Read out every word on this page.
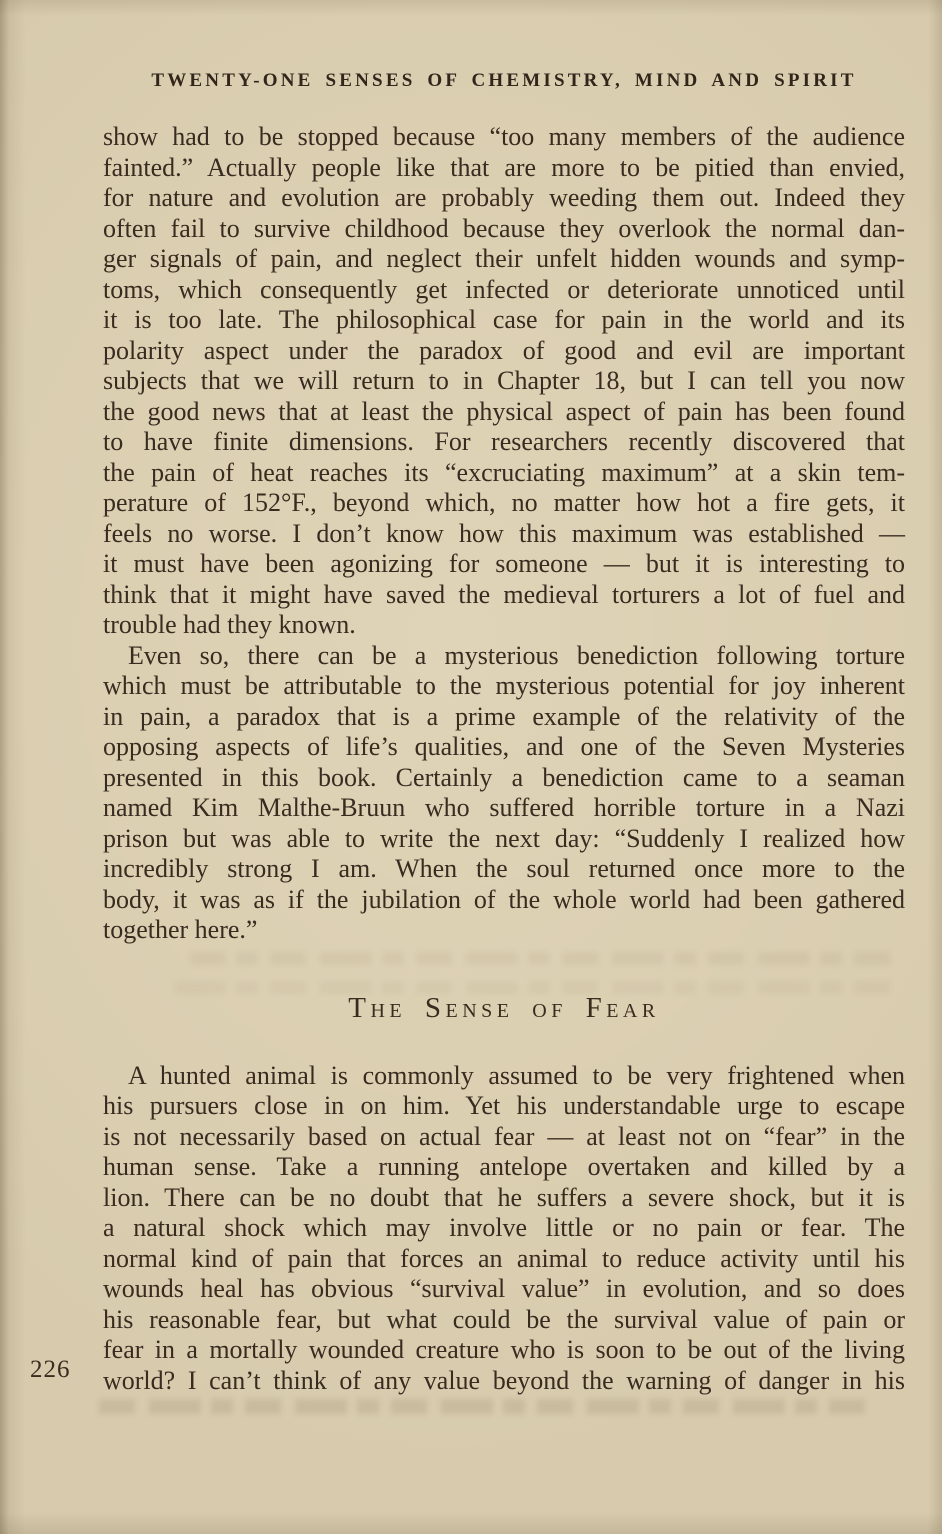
TWENTY-ONE SENSES OF CHEMISTRY, MIND AND SPIRIT
show had to be stopped because “too many members of the audience
fainted.” Actually people like that are more to be pitied than envied,
for nature and evolution are probably weeding them out. Indeed they
often fail to survive childhood because they overlook the normal dan-
ger signals of pain, and neglect their unfelt hidden wounds and symp-
toms, which consequently get infected or deteriorate unnoticed until
it is too late. The philosophical case for pain in the world and its
polarity aspect under the paradox of good and evil are important
subjects that we will return to in Chapter 18, but I can tell you now
the good news that at least the physical aspect of pain has been found
to have finite dimensions. For researchers recently discovered that
the pain of heat reaches its “excruciating maximum” at a skin tem-
perature of 152°F., beyond which, no matter how hot a fire gets, it
feels no worse. I don’t know how this maximum was established —
it must have been agonizing for someone — but it is interesting to
think that it might have saved the medieval torturers a lot of fuel and
trouble had they known.
Even so, there can be a mysterious benediction following torture
which must be attributable to the mysterious potential for joy inherent
in pain, a paradox that is a prime example of the relativity of the
opposing aspects of life’s qualities, and one of the Seven Mysteries
presented in this book. Certainly a benediction came to a seaman
named Kim Malthe-Bruun who suffered horrible torture in a Nazi
prison but was able to write the next day: “Suddenly I realized how
incredibly strong I am. When the soul returned once more to the
body, it was as if the jubilation of the whole world had been gathered
together here.”
The Sense of Fear
A hunted animal is commonly assumed to be very frightened when
his pursuers close in on him. Yet his understandable urge to escape
is not necessarily based on actual fear — at least not on “fear” in the
human sense. Take a running antelope overtaken and killed by a
lion. There can be no doubt that he suffers a severe shock, but it is
a natural shock which may involve little or no pain or fear. The
normal kind of pain that forces an animal to reduce activity until his
wounds heal has obvious “survival value” in evolution, and so does
his reasonable fear, but what could be the survival value of pain or
fear in a mortally wounded creature who is soon to be out of the living
world? I can’t think of any value beyond the warning of danger in his
226
